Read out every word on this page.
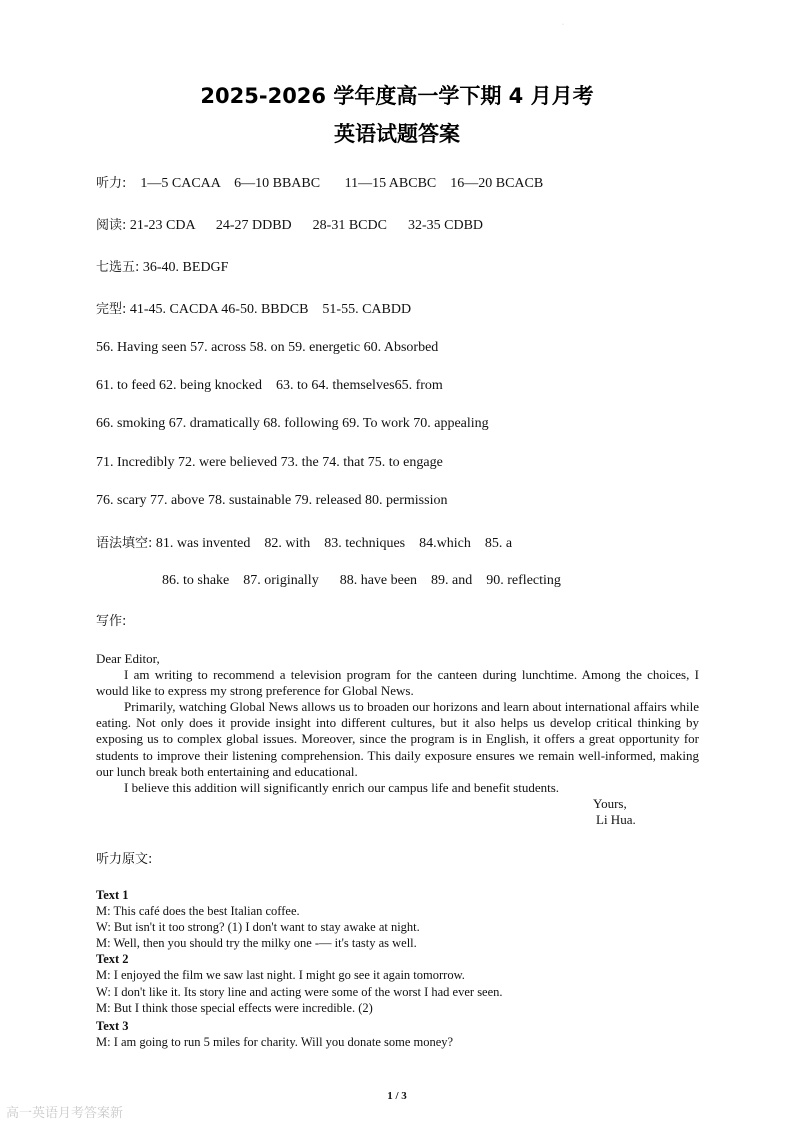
·
2025-2026 学年度高一学下期 4 月月考
英语试题答案
听力: 1—5 CACAA    6—10 BBABC       11—15 ABCBC    16—20 BCACB
阅读: 21-23 CDA      24-27 DDBD      28-31 BCDC      32-35 CDBD
七选五: 36-40. BEDGF
完型: 41-45. CACDA 46-50. BBDCB    51-55. CABDD
56. Having seen 57. across 58. on 59. energetic 60. Absorbed
61. to feed 62. being knocked    63. to 64. themselves65. from
66. smoking 67. dramatically 68. following 69. To work 70. appealing
71. Incredibly 72. were believed 73. the 74. that 75. to engage
76. scary 77. above 78. sustainable 79. released 80. permission
语法填空: 81. was invented    82. with    83. techniques    84.which    85. a
86. to shake    87. originally      88. have been    89. and    90. reflecting
写作:

Dear Editor,

I am writing to recommend a television program for the canteen during lunchtime. Among the choices, I would like to express my strong preference for Global News.

Primarily, watching Global News allows us to broaden our horizons and learn about international affairs while eating. Not only does it provide insight into different cultures, but it also helps us develop critical thinking by exposing us to complex global issues. Moreover, since the program is in English, it offers a great opportunity for students to improve their listening comprehension. This daily exposure ensures we remain well-informed, making our lunch break both entertaining and educational.

I believe this addition will significantly enrich our campus life and benefit students.

Yours,
Li Hua.
听力原文:
Text 1
M: This café does the best Italian coffee.
W: But isn't it too strong? (1) I don't want to stay awake at night.
M: Well, then you should try the milky one -— it's tasty as well.
Text 2
M: I enjoyed the film we saw last night. I might go see it again tomorrow.
W: I don't like it. Its story line and acting were some of the worst I had ever seen.
M: But I think those special effects were incredible. (2)
Text 3
M: I am going to run 5 miles for charity. Will you donate some money?
1 / 3
高一英语月考答案新
